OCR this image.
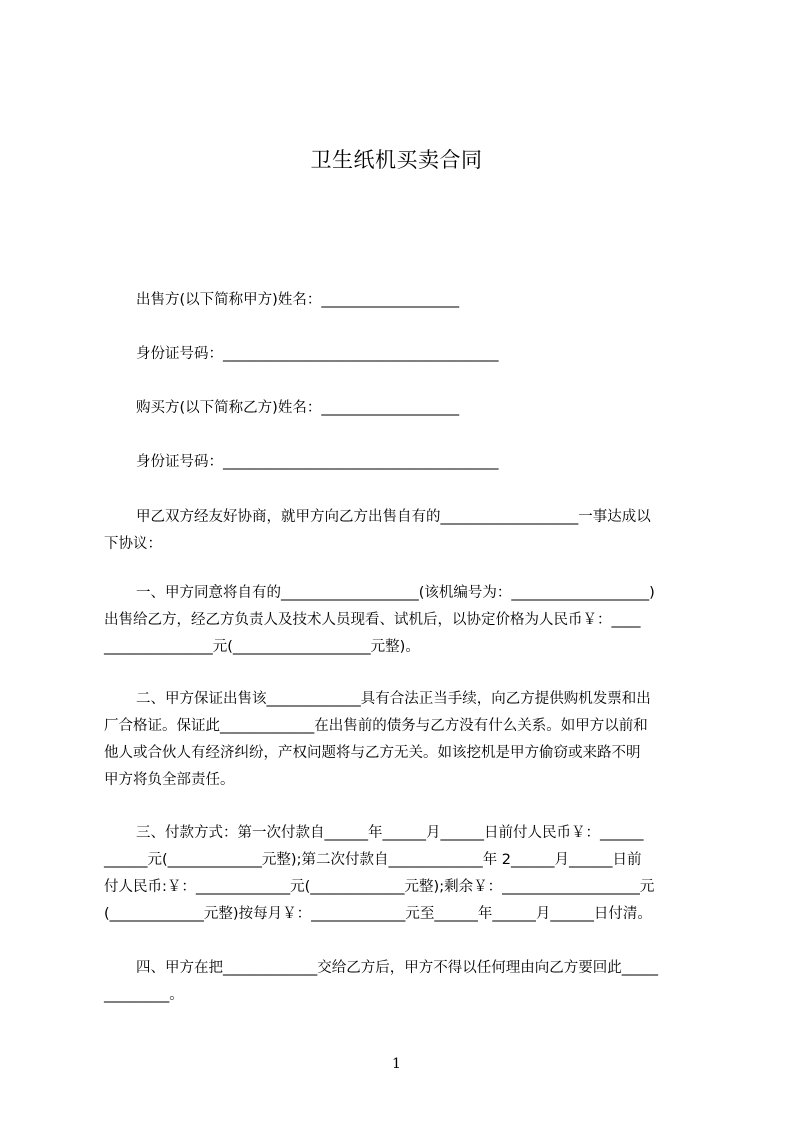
卫生纸机买卖合同
出售方(以下简称甲方)姓名：___________________
身份证号码：______________________________________
购买方(以下简称乙方)姓名：___________________
身份证号码：______________________________________
甲乙双方经友好协商，就甲方向乙方出售自有的___________________一事达成以
下协议：
一、甲方同意将自有的___________________(该机编号为：___________________)
出售给乙方，经乙方负责人及技术人员现看、试机后，以协定价格为人民币￥：____
_______________元(___________________元整)。
二、甲方保证出售该_____________具有合法正当手续，向乙方提供购机发票和出
厂合格证。保证此_____________在出售前的债务与乙方没有什么关系。如甲方以前和
他人或合伙人有经济纠纷，产权问题将与乙方无关。如该挖机是甲方偷窃或来路不明
甲方将负全部责任。
三、付款方式：第一次付款自______年______月______日前付人民币￥：______
______元(_____________元整);第二次付款自_____________年 2______月______日前
付人民币:￥：_____________元(_____________元整);剩余￥：___________________元
(_____________元整)按每月￥：_____________元至______年______月______日付清。
四、甲方在把_____________交给乙方后，甲方不得以任何理由向乙方要回此_____
_________。
1
